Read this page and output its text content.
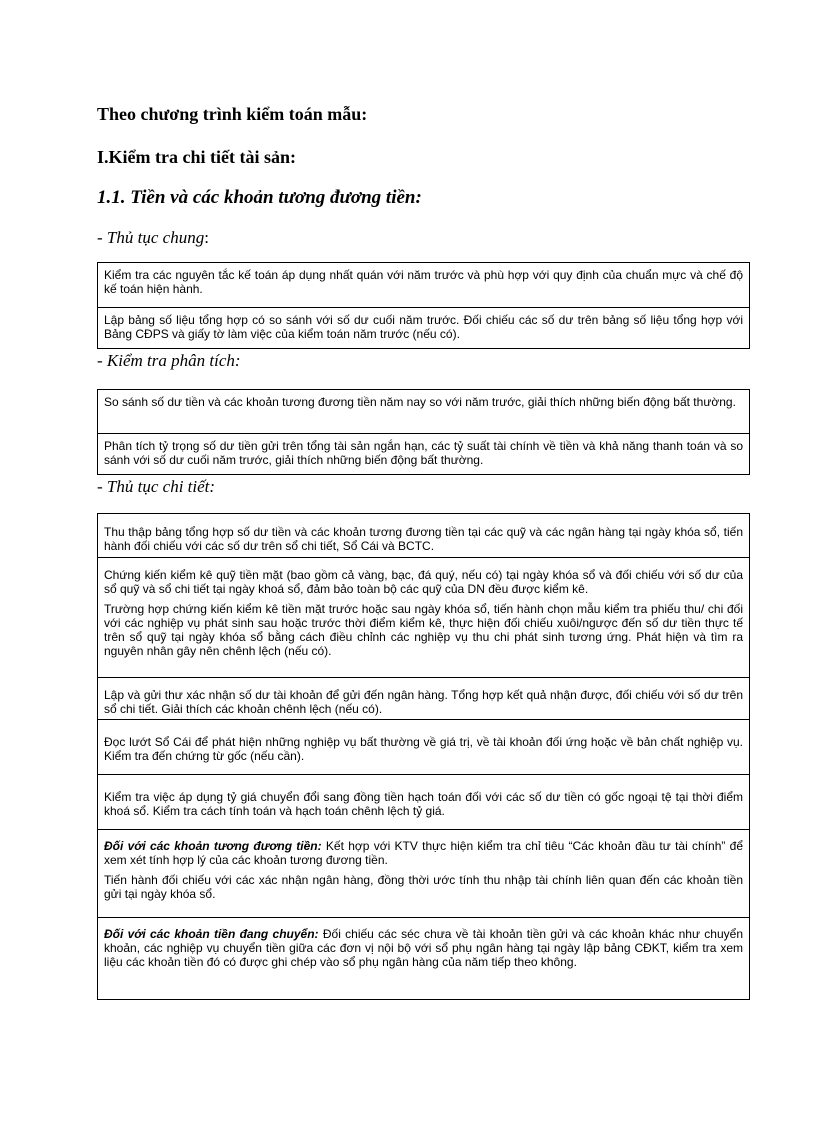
Theo chương trình kiểm toán mẫu:
I.Kiểm tra chi tiết tài sản:
1.1. Tiền và các khoản tương đương tiền:
- Thủ tục chung:

Kiểm tra các nguyên tắc kế toán áp dụng nhất quán với năm trước và phù hợp với quy định của chuẩn mực và chế độ kế toán hiện hành.

Lập bảng số liệu tổng hợp có so sánh với số dư cuối năm trước. Đối chiếu các số dư trên bảng số liệu tổng hợp với Bảng CĐPS và giấy tờ làm việc của kiểm toán năm trước (nếu có).

- Kiểm tra phân tích:

So sánh số dư tiền và các khoản tương đương tiền năm nay so với năm trước, giải thích những biến động bất thường.

Phân tích tỷ trọng số dư tiền gửi trên tổng tài sản ngắn hạn, các tỷ suất tài chính về tiền và khả năng thanh toán và so sánh với số dư cuối năm trước, giải thích những biến động bất thường.

- Thủ tục chi tiết:

Thu thập bảng tổng hợp số dư tiền và các khoản tương đương tiền tại các quỹ và các ngân hàng tại ngày khóa sổ, tiến hành đối chiếu với các số dư trên sổ chi tiết, Sổ Cái và BCTC.

Chứng kiến kiểm kê quỹ tiền mặt (bao gồm cả vàng, bạc, đá quý, nếu có) tại ngày khóa sổ và đối chiếu với số dư của sổ quỹ và sổ chi tiết tại ngày khoá sổ, đảm bảo toàn bộ các quỹ của DN đều được kiểm kê.

Trường hợp chứng kiến kiểm kê tiền mặt trước hoặc sau ngày khóa sổ, tiến hành chọn mẫu kiểm tra phiếu thu/ chi đối với các nghiệp vụ phát sinh sau hoặc trước thời điểm kiểm kê, thực hiện đối chiếu xuôi/ngược đến số dư tiền thực tế trên sổ quỹ tại ngày khóa sổ bằng cách điều chỉnh các nghiệp vụ thu chi phát sinh tương ứng. Phát hiện và tìm ra nguyên nhân gây nên chênh lệch (nếu có).

Lập và gửi thư xác nhận số dư tài khoản để gửi đến ngân hàng. Tổng hợp kết quả nhận được, đối chiếu với số dư trên sổ chi tiết. Giải thích các khoản chênh lệch (nếu có).

Đọc lướt Sổ Cái để phát hiện những nghiệp vụ bất thường về giá trị, về tài khoản đối ứng hoặc về bản chất nghiệp vụ. Kiểm tra đến chứng từ gốc (nếu cần).

Kiểm tra việc áp dụng tỷ giá chuyển đổi sang đồng tiền hạch toán đối với các số dư tiền có gốc ngoại tệ tại thời điểm khoá sổ. Kiểm tra cách tính toán và hạch toán chênh lệch tỷ giá.

Đối với các khoản tương đương tiền: Kết hợp với KTV thực hiện kiểm tra chỉ tiêu “Các khoản đầu tư tài chính” để xem xét tính hợp lý của các khoản tương đương tiền.

Tiến hành đối chiếu với các xác nhận ngân hàng, đồng thời ước tính thu nhập tài chính liên quan đến các khoản tiền gửi tại ngày khóa sổ.

Đối với các khoản tiền đang chuyển: Đối chiếu các séc chưa về tài khoản tiền gửi và các khoản khác như chuyển khoản, các nghiệp vụ chuyển tiền giữa các đơn vị nội bộ với sổ phụ ngân hàng tại ngày lập bảng CĐKT, kiểm tra xem liệu các khoản tiền đó có được ghi chép vào sổ phụ ngân hàng của năm tiếp theo không.
